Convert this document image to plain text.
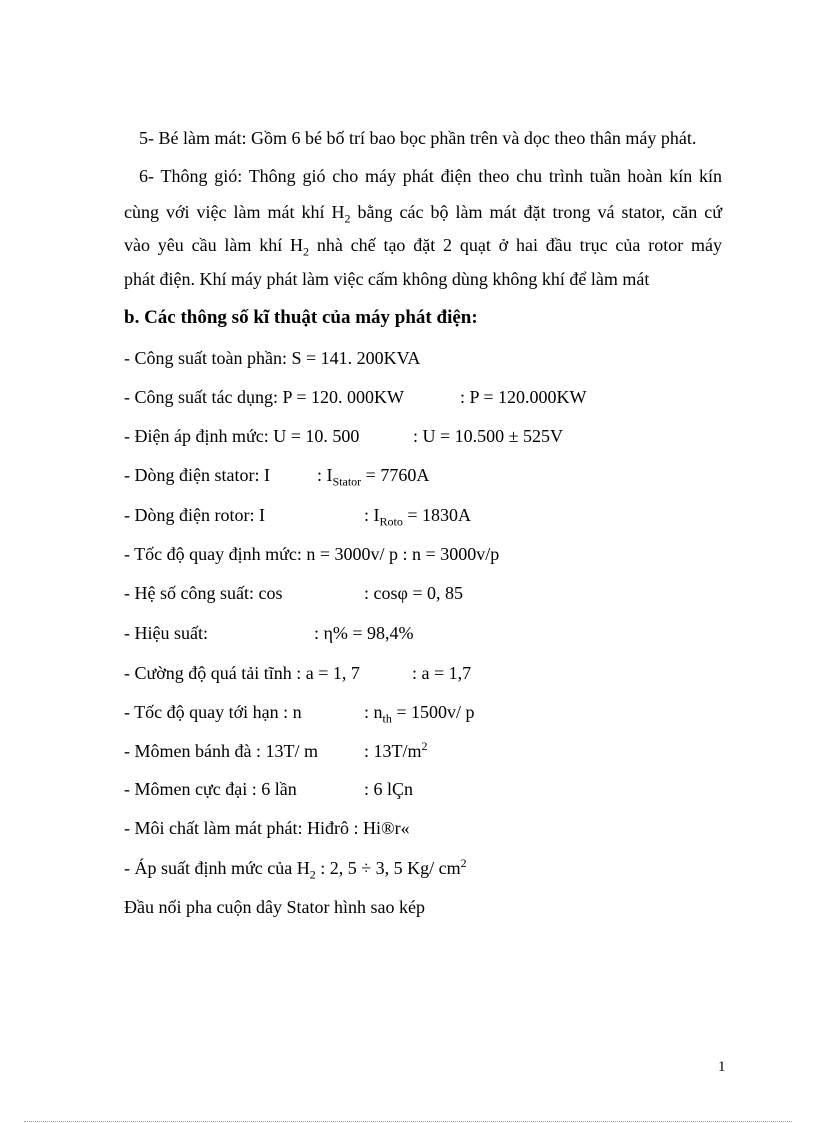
5- Bé làm mát: Gồm 6 bé bố trí bao bọc phần trên và dọc theo thân máy phát.
6- Thông gió: Thông gió cho máy phát điện theo chu trình tuần hoàn kín kín
cùng với việc làm mát khí $H_2$ bằng các bộ làm mát đặt trong vá stator, căn cứ
vào yêu cầu làm khí $H_2$ nhà chế tạo đặt 2 quạt ở hai đầu trục của rotor máy
phát điện. Khí máy phát làm việc cấm không dùng không khí để làm mát
b. Các thông số kĩ thuật của máy phát điện:
- Công suất toàn phần: S = 141. 200KVA
- Công suất tác dụng: P = 120. 000KW	: P = 120.000KW
- Điện áp định mức: U = 10. 500	: U = 10.500 ± 525V
- Dòng điện stator: I	: $I_{Stator} = 7760A$
- Dòng điện rotor: I	: $I_{Roto} = 1830A$
- Tốc độ quay định mức: n = 3000v/ p : n = 3000v/p
- Hệ số công suất: cos	: cosφ = 0, 85
- Hiệu suất:	: η% = 98,4%
- Cường độ quá tải tĩnh : a = 1, 7	: a = 1,7
- Tốc độ quay tới hạn : n	: $n_{th} = 1500v/$ p
- Mômen bánh đà : 13T/ m	: $13T/m^2$
- Mômen cực đại : 6 lần	: 6 lÇn
- Môi chất làm mát phát: Hiđrô : Hi®r«
- Áp suất định mức của $H_2$ : 2, 5 ÷ 3, 5 Kg/ $cm^2$
Đầu nối pha cuộn dây Stator hình sao kép
1
